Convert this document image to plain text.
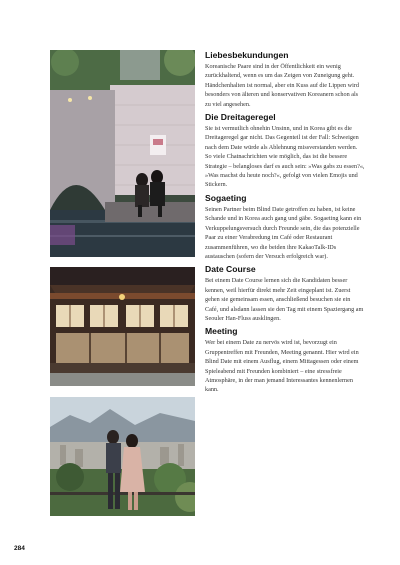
Liebesbekundungen

Koreanische Paare sind in der Öffentlichkeit ein wenig zurückhaltend, wenn es um das Zeigen von Zuneigung geht. Händchenhalten ist normal, aber ein Kuss auf die Lippen wird besonders von älteren und konservativen Koreanern schon als zu viel angesehen.

Die Dreitageregel

Sie ist vermutlich ohnehin Unsinn, und in Korea gibt es die Dreitageregel gar nicht. Das Gegenteil ist der Fall: Schweigen nach dem Date würde als Ablehnung missverstanden werden. So viele Chatnachrichten wie möglich, das ist die bessere Strategie – belangloses darf es auch sein: »Was gabs zu essen?«, »Was machst du heute noch?«, gefolgt von vielen Emojis und Stickern.

Sogaeting

Seinen Partner beim Blind Date getroffen zu haben, ist keine Schande und in Korea auch gang und gäbe. Sogaeting kann ein Verkuppelungsversuch durch Freunde sein, die das potenzielle Paar zu einer Verabredung im Café oder Restaurant zusammenführen, wo die beiden ihre KakaoTalk-IDs austauschen (sofern der Versuch erfolgreich war).

Date Course

Bei einem Date Course lernen sich die Kandidaten besser kennen, weil hierfür direkt mehr Zeit eingeplant ist. Zuerst gehen sie gemeinsam essen, anschließend besuchen sie ein Café, und alsdann lassen sie den Tag mit einem Spaziergang am Seouler Han-Fluss ausklingen.

Meeting

Wer bei einem Date zu nervös wird ist, bevorzugt ein Gruppentreffen mit Freunden, Meeting genannt. Hier wird ein Blind Date mit einem Ausflug, einem Mittagessen oder einem Spieleabend mit Freunden kombiniert – eine stressfreie Atmosphäre, in der man jemand Interessantes kennenlernen kann.

284
